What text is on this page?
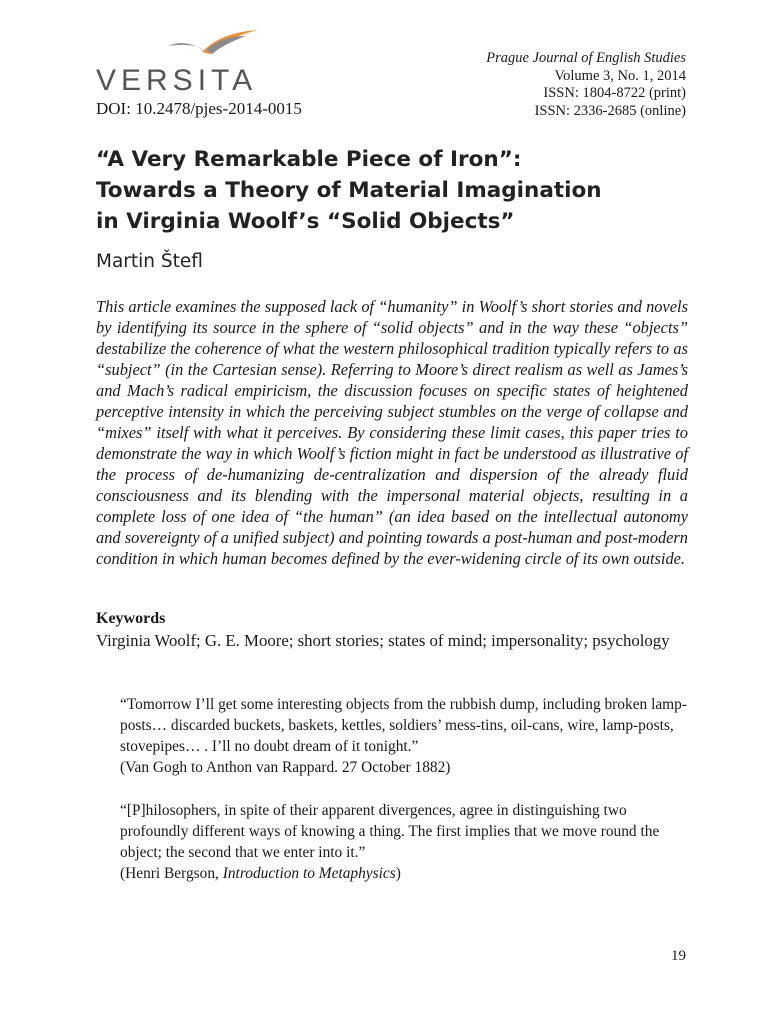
VERSITA
DOI: 10.2478/pjes-2014-0015
Prague Journal of English Studies
Volume 3, No. 1, 2014
ISSN: 1804-8722 (print)
ISSN: 2336-2685 (online)
“A Very Remarkable Piece of Iron”:
Towards a Theory of Material Imagination
in Virginia Woolf’s “Solid Objects”
Martin Štefl

This article examines the supposed lack of “humanity” in Woolf’s short stories and novels by identifying its source in the sphere of “solid objects” and in the way these “objects” destabilize the coherence of what the western philosophical tradition typically refers to as “subject” (in the Cartesian sense). Referring to Moore’s direct realism as well as James’s and Mach’s radical empiricism, the discussion focuses on specific states of heightened perceptive intensity in which the perceiving subject stumbles on the verge of collapse and “mixes” itself with what it perceives. By considering these limit cases, this paper tries to demonstrate the way in which Woolf’s fiction might in fact be understood as illustrative of the process of de-humanizing de-centralization and dispersion of the already fluid consciousness and its blending with the impersonal material objects, resulting in a complete loss of one idea of “the human” (an idea based on the intellectual autonomy and sovereignty of a unified subject) and pointing towards a post-human and post-modern condition in which human becomes defined by the ever-widening circle of its own outside.

Keywords
Virginia Woolf; G. E. Moore; short stories; states of mind; impersonality; psychology

“Tomorrow I’ll get some interesting objects from the rubbish dump, including broken lamp-posts… discarded buckets, baskets, kettles, soldiers’ mess-tins, oil-cans, wire, lamp-posts, stovepipes… . I’ll no doubt dream of it tonight.”
(Van Gogh to Anthon van Rappard. 27 October 1882)

“[P]hilosophers, in spite of their apparent divergences, agree in distinguishing two profoundly different ways of knowing a thing. The first implies that we move round the object; the second that we enter into it.”
(Henri Bergson, Introduction to Metaphysics)

19
